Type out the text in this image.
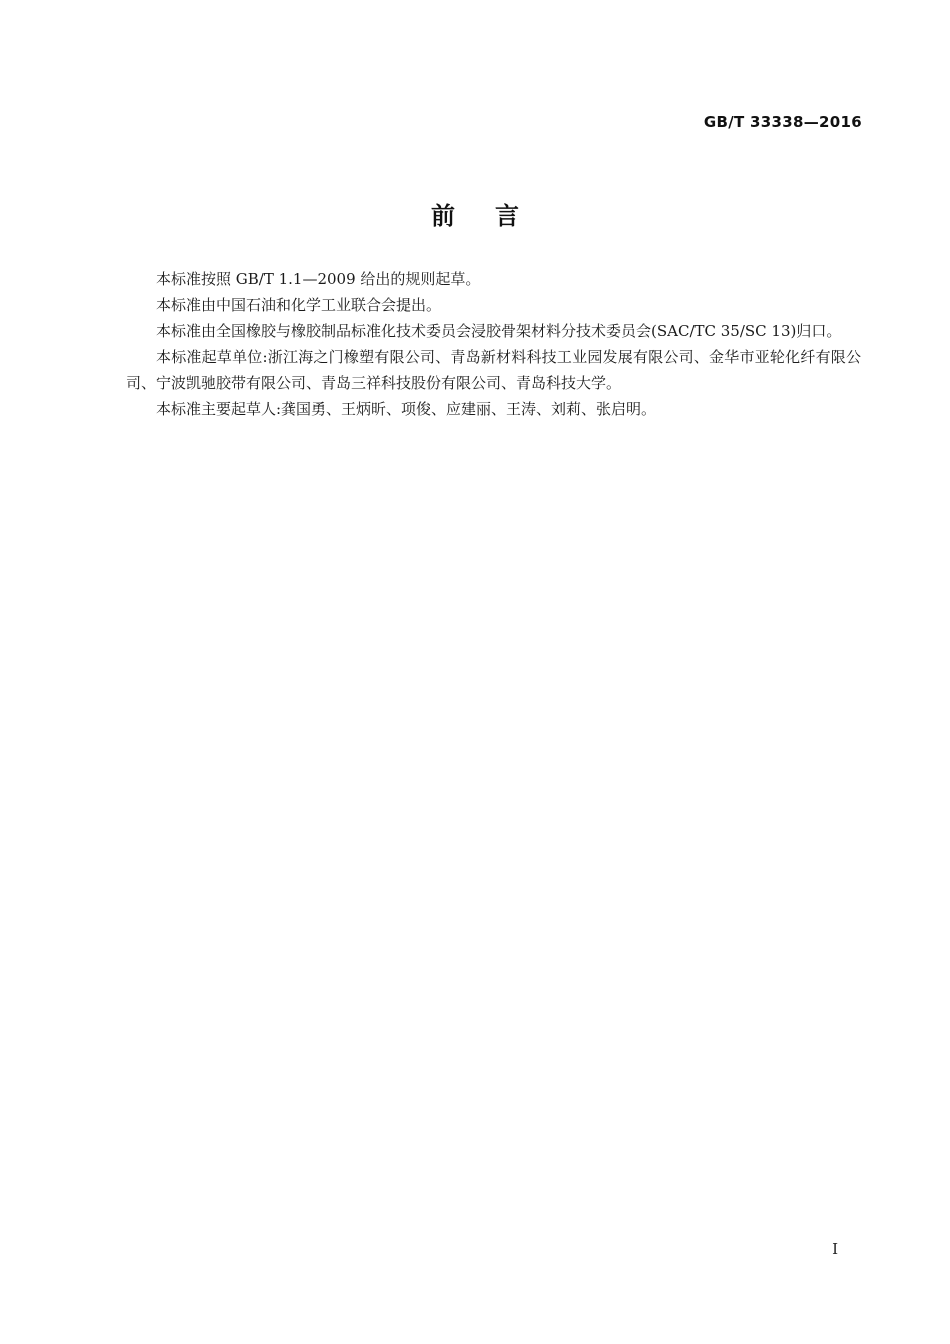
GB/T 33338—2016
前言

本标准按照 GB/T 1.1—2009 给出的规则起草。

本标准由中国石油和化学工业联合会提出。

本标准由全国橡胶与橡胶制品标准化技术委员会浸胶骨架材料分技术委员会(SAC/TC 35/SC 13)归口。

本标准起草单位:浙江海之门橡塑有限公司、青岛新材料科技工业园发展有限公司、金华市亚轮化纤有限公司、宁波凯驰胶带有限公司、青岛三祥科技股份有限公司、青岛科技大学。

本标准主要起草人:龚国勇、王炳昕、项俊、应建丽、王涛、刘莉、张启明。

I
